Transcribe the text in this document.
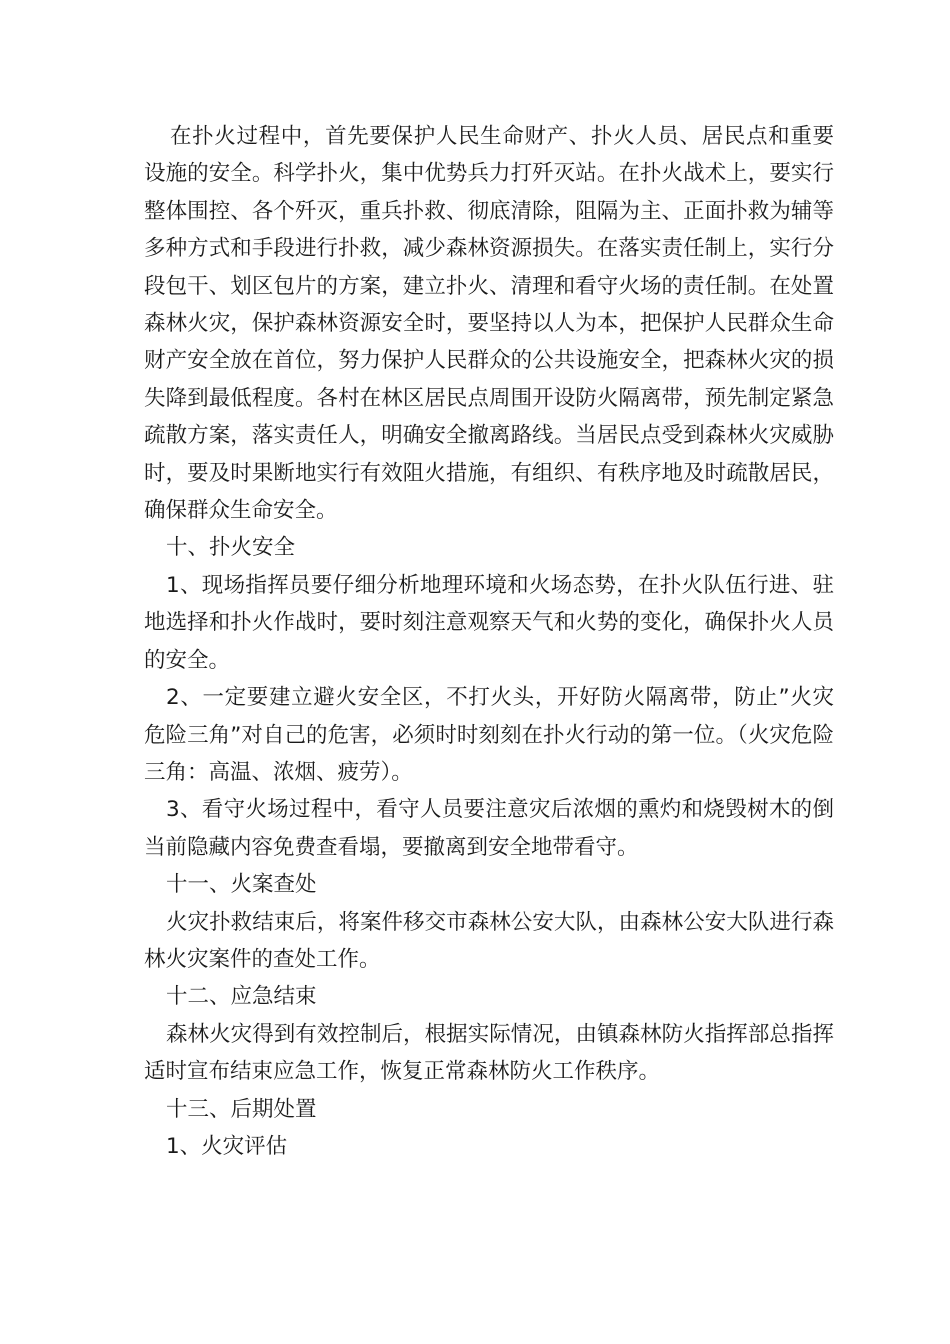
在扑火过程中，首先要保护人民生命财产、扑火人员、居民点和重要设施的安全。科学扑火，集中优势兵力打歼灭站。在扑火战术上，要实行整体围控、各个歼灭，重兵扑救、彻底清除，阻隔为主、正面扑救为辅等多种方式和手段进行扑救，减少森林资源损失。在落实责任制上，实行分段包干、划区包片的方案，建立扑火、清理和看守火场的责任制。在处置森林火灾，保护森林资源安全时，要坚持以人为本，把保护人民群众生命财产安全放在首位，努力保护人民群众的公共设施安全，把森林火灾的损失降到最低程度。各村在林区居民点周围开设防火隔离带，预先制定紧急疏散方案，落实责任人，明确安全撤离路线。当居民点受到森林火灾威胁时，要及时果断地实行有效阻火措施，有组织、有秩序地及时疏散居民，确保群众生命安全。

十、扑火安全

1、现场指挥员要仔细分析地理环境和火场态势，在扑火队伍行进、驻地选择和扑火作战时，要时刻注意观察天气和火势的变化，确保扑火人员的安全。

2、一定要建立避火安全区，不打火头，开好防火隔离带，防止”火灾危险三角”对自己的危害，必须时时刻刻在扑火行动的第一位。（火灾危险三角：高温、浓烟、疲劳）。

3、看守火场过程中，看守人员要注意灾后浓烟的熏灼和烧毁树木的倒当前隐藏内容免费查看塌，要撤离到安全地带看守。

十一、火案查处

火灾扑救结束后，将案件移交市森林公安大队，由森林公安大队进行森林火灾案件的查处工作。

十二、应急结束

森林火灾得到有效控制后，根据实际情况，由镇森林防火指挥部总指挥适时宣布结束应急工作，恢复正常森林防火工作秩序。

十三、后期处置

1、火灾评估
